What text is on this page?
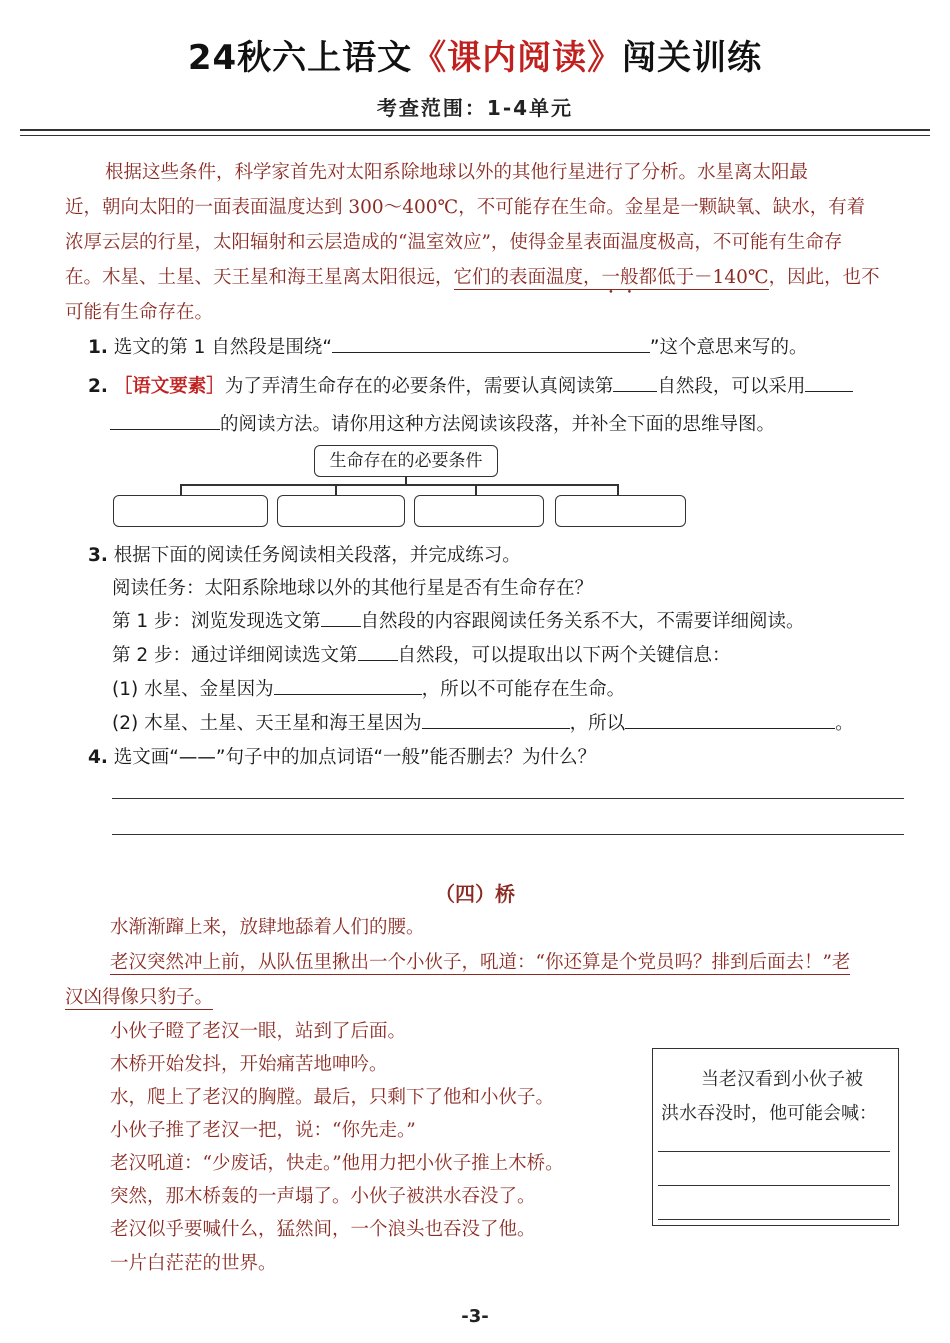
24秋六上语文《课内阅读》闯关训练
考查范围：1-4单元
根据这些条件，科学家首先对太阳系除地球以外的其他行星进行了分析。水星离太阳最
近，朝向太阳的一面表面温度达到 300～400℃，不可能存在生命。金星是一颗缺氧、缺水，有着
浓厚云层的行星，太阳辐射和云层造成的“温室效应”，使得金星表面温度极高，不可能有生命存
在。木星、土星、天王星和海王星离太阳很远，它们的表面温度，一般都低于－140℃，因此，也不
可能有生命存在。
1. 选文的第 1 自然段是围绕“	”这个意思来写的。
2. ［语文要素］为了弄清生命存在的必要条件，需要认真阅读第 自然段，可以采用
的阅读方法。请你用这种方法阅读该段落，并补全下面的思维导图。
生命存在的必要条件
3. 根据下面的阅读任务阅读相关段落，并完成练习。
阅读任务：太阳系除地球以外的其他行星是否有生命存在？
第 1 步：浏览发现选文第 自然段的内容跟阅读任务关系不大，不需要详细阅读。
第 2 步：通过详细阅读选文第 自然段，可以提取出以下两个关键信息：
(1) 水星、金星因为	，所以不可能存在生命。
(2) 木星、土星、天王星和海王星因为	，所以	。
4. 选文画“——”句子中的加点词语“一般”能否删去？为什么？
（四）桥
水渐渐蹿上来，放肆地舔着人们的腰。
老汉突然冲上前，从队伍里揪出一个小伙子，吼道：“你还算是个党员吗？排到后面去！”老
汉凶得像只豹子。
小伙子瞪了老汉一眼，站到了后面。
木桥开始发抖，开始痛苦地呻吟。
水，爬上了老汉的胸膛。最后，只剩下了他和小伙子。
小伙子推了老汉一把，说：“你先走。”
老汉吼道：“少废话，快走。”他用力把小伙子推上木桥。
突然，那木桥轰的一声塌了。小伙子被洪水吞没了。
老汉似乎要喊什么，猛然间，一个浪头也吞没了他。
一片白茫茫的世界。
当老汉看到小伙子被
洪水吞没时，他可能会喊：
-3-
